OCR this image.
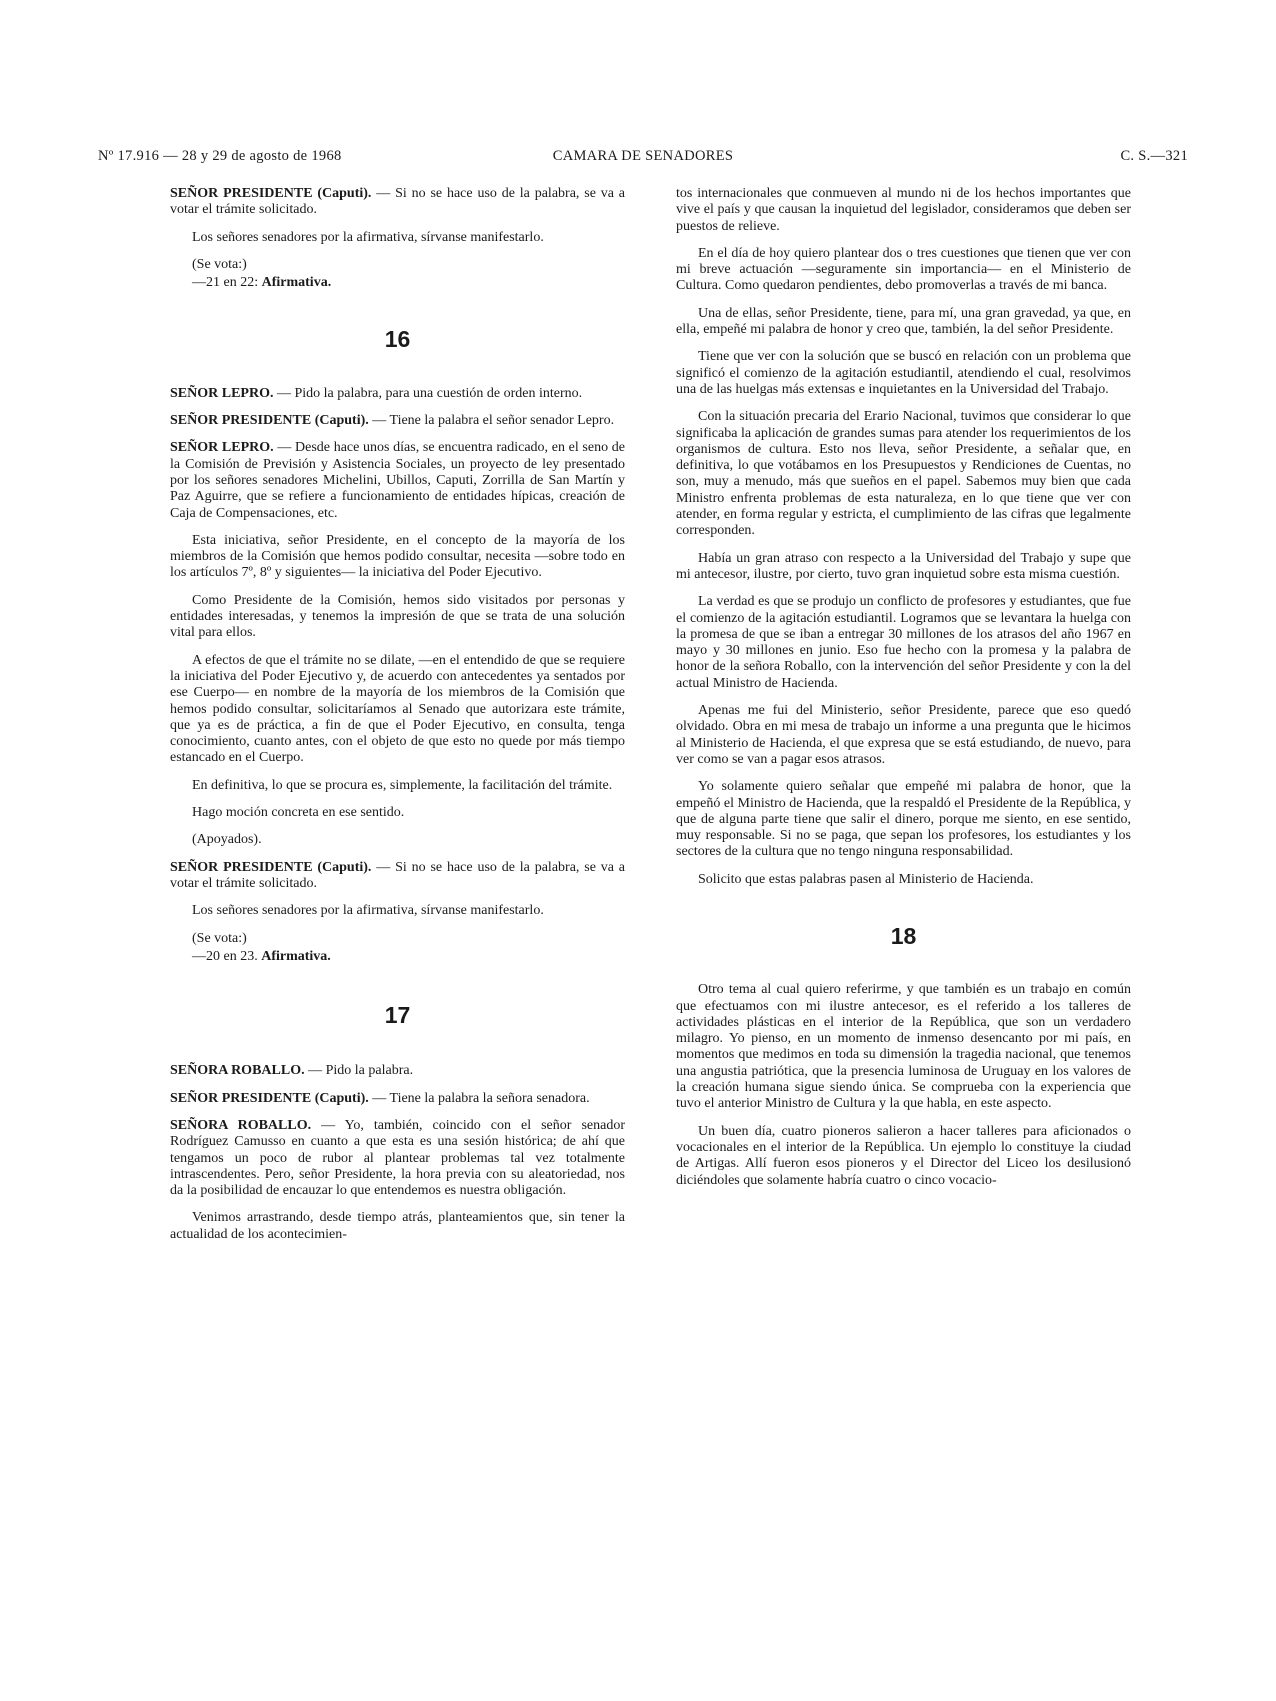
Nº 17.916 — 28 y 29 de agosto de 1968	CAMARA DE SENADORES	C. S.—321

SEÑOR PRESIDENTE (Caputi). — Si no se hace uso de la palabra, se va a votar el trámite solicitado.

Los señores senadores por la afirmativa, sírvanse manifestarlo.

(Se vota:)

—21 en 22: Afirmativa.

16

SEÑOR LEPRO. — Pido la palabra, para una cuestión de orden interno.

SEÑOR PRESIDENTE (Caputi). — Tiene la palabra el señor senador Lepro.

SEÑOR LEPRO. — Desde hace unos días, se encuentra radicado, en el seno de la Comisión de Previsión y Asistencia Sociales, un proyecto de ley presentado por los señores senadores Michelini, Ubillos, Caputi, Zorrilla de San Martín y Paz Aguirre, que se refiere a funcionamiento de entidades hípicas, creación de Caja de Compensaciones, etc.

Esta iniciativa, señor Presidente, en el concepto de la mayoría de los miembros de la Comisión que hemos podido consultar, necesita —sobre todo en los artículos 7º, 8º y siguientes— la iniciativa del Poder Ejecutivo.

Como Presidente de la Comisión, hemos sido visitados por personas y entidades interesadas, y tenemos la impresión de que se trata de una solución vital para ellos.

A efectos de que el trámite no se dilate, —en el entendido de que se requiere la iniciativa del Poder Ejecutivo y, de acuerdo con antecedentes ya sentados por ese Cuerpo— en nombre de la mayoría de los miembros de la Comisión que hemos podido consultar, solicitaríamos al Senado que autorizara este trámite, que ya es de práctica, a fin de que el Poder Ejecutivo, en consulta, tenga conocimiento, cuanto antes, con el objeto de que esto no quede por más tiempo estancado en el Cuerpo.

En definitiva, lo que se procura es, simplemente, la facilitación del trámite.

Hago moción concreta en ese sentido.

(Apoyados).

SEÑOR PRESIDENTE (Caputi). — Si no se hace uso de la palabra, se va a votar el trámite solicitado.

Los señores senadores por la afirmativa, sírvanse manifestarlo.

(Se vota:)

—20 en 23. Afirmativa.

17

SEÑORA ROBALLO. — Pido la palabra.

SEÑOR PRESIDENTE (Caputi). — Tiene la palabra la señora senadora.

SEÑORA ROBALLO. — Yo, también, coincido con el señor senador Rodríguez Camusso en cuanto a que esta es una sesión histórica; de ahí que tengamos un poco de rubor al plantear problemas tal vez totalmente intrascendentes. Pero, señor Presidente, la hora previa con su aleatoriedad, nos da la posibilidad de encauzar lo que entendemos es nuestra obligación.

Venimos arrastrando, desde tiempo atrás, planteamientos que, sin tener la actualidad de los acontecimien-

tos internacionales que conmueven al mundo ni de los hechos importantes que vive el país y que causan la inquietud del legislador, consideramos que deben ser puestos de relieve.

En el día de hoy quiero plantear dos o tres cuestiones que tienen que ver con mi breve actuación —seguramente sin importancia— en el Ministerio de Cultura. Como quedaron pendientes, debo promoverlas a través de mi banca.

Una de ellas, señor Presidente, tiene, para mí, una gran gravedad, ya que, en ella, empeñé mi palabra de honor y creo que, también, la del señor Presidente.

Tiene que ver con la solución que se buscó en relación con un problema que significó el comienzo de la agitación estudiantil, atendiendo el cual, resolvimos una de las huelgas más extensas e inquietantes en la Universidad del Trabajo.

Con la situación precaria del Erario Nacional, tuvimos que considerar lo que significaba la aplicación de grandes sumas para atender los requerimientos de los organismos de cultura. Esto nos lleva, señor Presidente, a señalar que, en definitiva, lo que votábamos en los Presupuestos y Rendiciones de Cuentas, no son, muy a menudo, más que sueños en el papel. Sabemos muy bien que cada Ministro enfrenta problemas de esta naturaleza, en lo que tiene que ver con atender, en forma regular y estricta, el cumplimiento de las cifras que legalmente corresponden.

Había un gran atraso con respecto a la Universidad del Trabajo y supe que mi antecesor, ilustre, por cierto, tuvo gran inquietud sobre esta misma cuestión.

La verdad es que se produjo un conflicto de profesores y estudiantes, que fue el comienzo de la agitación estudiantil. Logramos que se levantara la huelga con la promesa de que se iban a entregar 30 millones de los atrasos del año 1967 en mayo y 30 millones en junio. Eso fue hecho con la promesa y la palabra de honor de la señora Roballo, con la intervención del señor Presidente y con la del actual Ministro de Hacienda.

Apenas me fui del Ministerio, señor Presidente, parece que eso quedó olvidado. Obra en mi mesa de trabajo un informe a una pregunta que le hicimos al Ministerio de Hacienda, el que expresa que se está estudiando, de nuevo, para ver como se van a pagar esos atrasos.

Yo solamente quiero señalar que empeñé mi palabra de honor, que la empeñó el Ministro de Hacienda, que la respaldó el Presidente de la República, y que de alguna parte tiene que salir el dinero, porque me siento, en ese sentido, muy responsable. Si no se paga, que sepan los profesores, los estudiantes y los sectores de la cultura que no tengo ninguna responsabilidad.

Solicito que estas palabras pasen al Ministerio de Hacienda.

18

Otro tema al cual quiero referirme, y que también es un trabajo en común que efectuamos con mi ilustre antecesor, es el referido a los talleres de actividades plásticas en el interior de la República, que son un verdadero milagro. Yo pienso, en un momento de inmenso desencanto por mi país, en momentos que medimos en toda su dimensión la tragedia nacional, que tenemos una angustia patriótica, que la presencia luminosa de Uruguay en los valores de la creación humana sigue siendo única. Se comprueba con la experiencia que tuvo el anterior Ministro de Cultura y la que habla, en este aspecto.

Un buen día, cuatro pioneros salieron a hacer talleres para aficionados o vocacionales en el interior de la República. Un ejemplo lo constituye la ciudad de Artigas. Allí fueron esos pioneros y el Director del Liceo los desilusionó diciéndoles que solamente habría cuatro o cinco vocacio-
